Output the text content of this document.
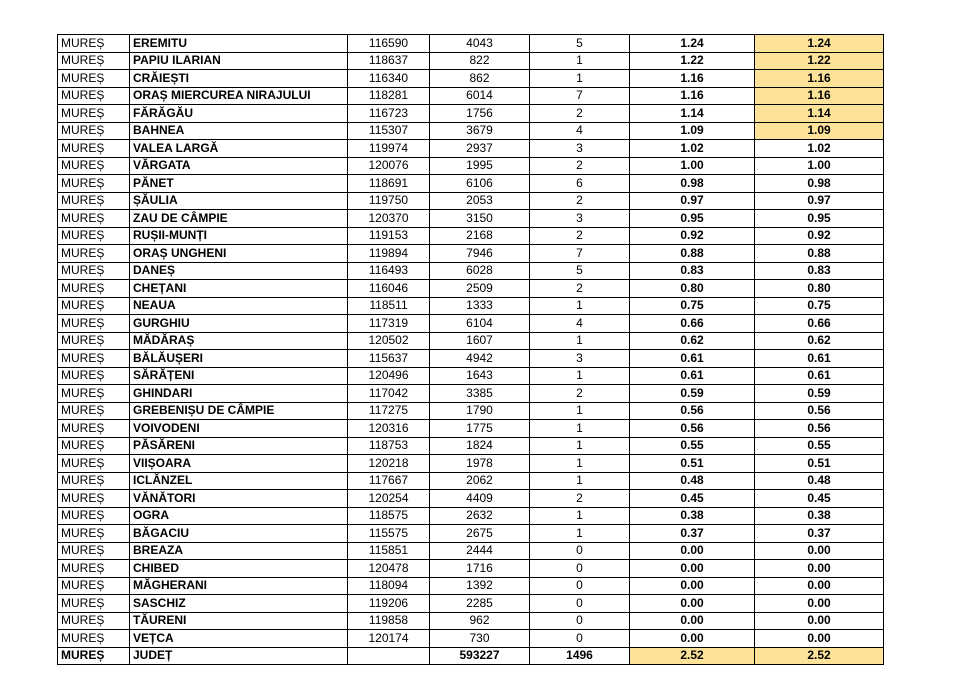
MUREȘ	EREMITU	116590	4043	5	1.24	1.24
MUREȘ	PAPIU ILARIAN	118637	822	1	1.22	1.22
MUREȘ	CRĂIEȘTI	116340	862	1	1.16	1.16
MUREȘ	ORAȘ MIERCUREA NIRAJULUI	118281	6014	7	1.16	1.16
MUREȘ	FĂRĂGĂU	116723	1756	2	1.14	1.14
MUREȘ	BAHNEA	115307	3679	4	1.09	1.09
MUREȘ	VALEA LARGĂ	119974	2937	3	1.02	1.02
MUREȘ	VĂRGATA	120076	1995	2	1.00	1.00
MUREȘ	PĂNET	118691	6106	6	0.98	0.98
MUREȘ	ȘĂULIA	119750	2053	2	0.97	0.97
MUREȘ	ZAU DE CÂMPIE	120370	3150	3	0.95	0.95
MUREȘ	RUȘII-MUNȚI	119153	2168	2	0.92	0.92
MUREȘ	ORAȘ UNGHENI	119894	7946	7	0.88	0.88
MUREȘ	DANEȘ	116493	6028	5	0.83	0.83
MUREȘ	CHEȚANI	116046	2509	2	0.80	0.80
MUREȘ	NEAUA	118511	1333	1	0.75	0.75
MUREȘ	GURGHIU	117319	6104	4	0.66	0.66
MUREȘ	MĂDĂRAȘ	120502	1607	1	0.62	0.62
MUREȘ	BĂLĂUȘERI	115637	4942	3	0.61	0.61
MUREȘ	SĂRĂȚENI	120496	1643	1	0.61	0.61
MUREȘ	GHINDARI	117042	3385	2	0.59	0.59
MUREȘ	GREBENIȘU DE CÂMPIE	117275	1790	1	0.56	0.56
MUREȘ	VOIVODENI	120316	1775	1	0.56	0.56
MUREȘ	PĂSĂRENI	118753	1824	1	0.55	0.55
MUREȘ	VIIȘOARA	120218	1978	1	0.51	0.51
MUREȘ	ICLĂNZEL	117667	2062	1	0.48	0.48
MUREȘ	VĂNĂTORI	120254	4409	2	0.45	0.45
MUREȘ	OGRA	118575	2632	1	0.38	0.38
MUREȘ	BĂGACIU	115575	2675	1	0.37	0.37
MUREȘ	BREAZA	115851	2444	0	0.00	0.00
MUREȘ	CHIBED	120478	1716	0	0.00	0.00
MUREȘ	MĂGHERANI	118094	1392	0	0.00	0.00
MUREȘ	SASCHIZ	119206	2285	0	0.00	0.00
MUREȘ	TĂURENI	119858	962	0	0.00	0.00
MUREȘ	VEȚCA	120174	730	0	0.00	0.00
MUREȘ	JUDEȚ		593227	1496	2.52	2.52
